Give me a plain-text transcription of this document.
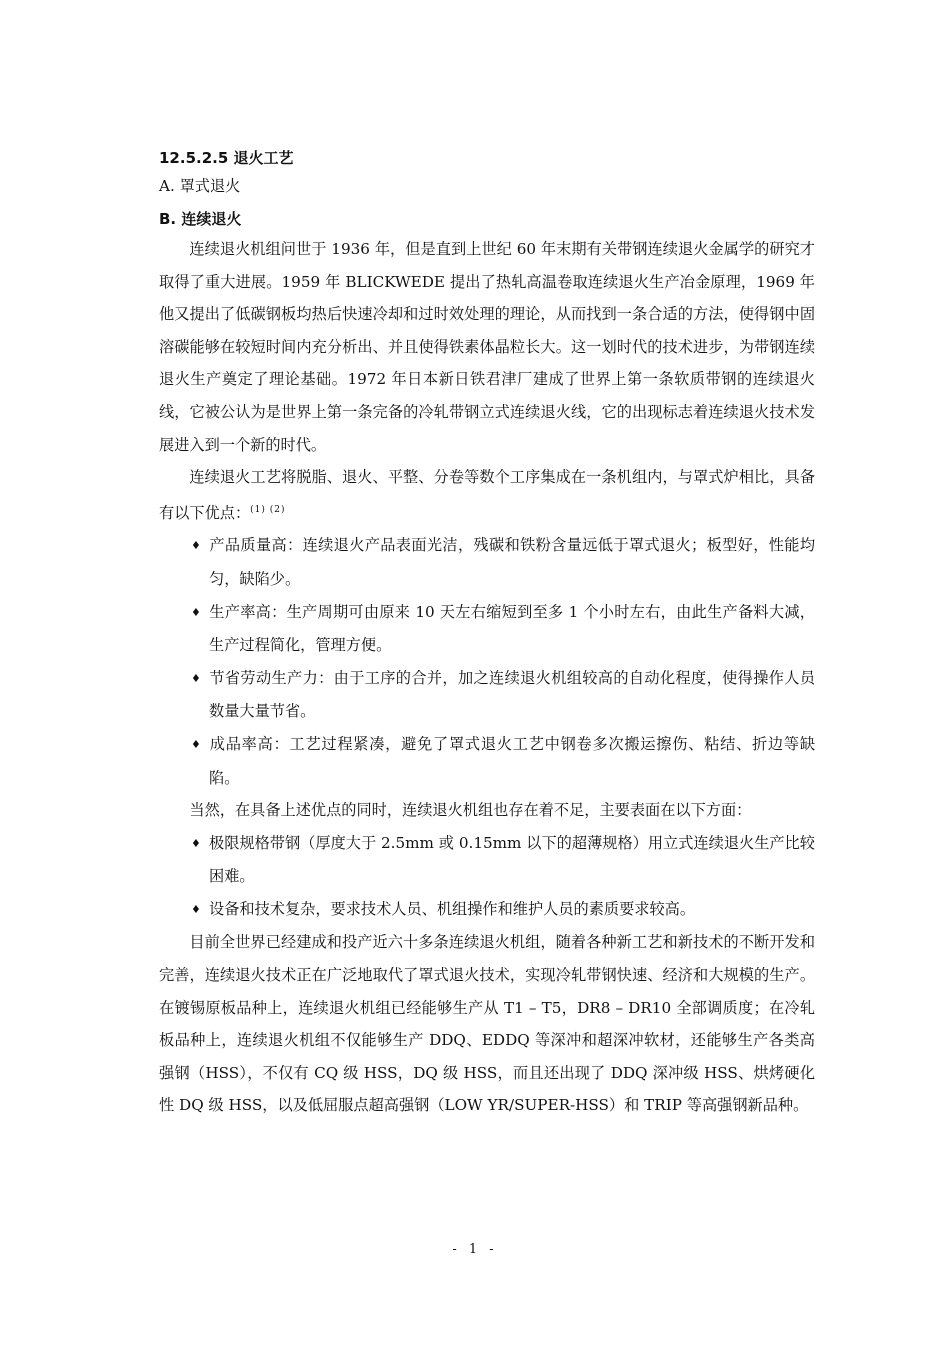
12.5.2.5 退火工艺

A. 罩式退火

B. 连续退火

连续退火机组问世于 1936 年，但是直到上世纪 60 年末期有关带钢连续退火金属学的研究才取得了重大进展。1959 年 BLICKWEDE 提出了热轧高温卷取连续退火生产冶金原理，1969 年他又提出了低碳钢板均热后快速冷却和过时效处理的理论，从而找到一条合适的方法，使得钢中固溶碳能够在较短时间内充分析出、并且使得铁素体晶粒长大。这一划时代的技术进步，为带钢连续退火生产奠定了理论基础。1972 年日本新日铁君津厂建成了世界上第一条软质带钢的连续退火线，它被公认为是世界上第一条完备的冷轧带钢立式连续退火线，它的出现标志着连续退火技术发展进入到一个新的时代。

连续退火工艺将脱脂、退火、平整、分卷等数个工序集成在一条机组内，与罩式炉相比，具备有以下优点：$^{(1) (2)}$

♦ 产品质量高：连续退火产品表面光洁，残碳和铁粉含量远低于罩式退火；板型好，性能均匀，缺陷少。

♦ 生产率高：生产周期可由原来 10 天左右缩短到至多 1 个小时左右，由此生产备料大减，生产过程简化，管理方便。

♦ 节省劳动生产力：由于工序的合并，加之连续退火机组较高的自动化程度，使得操作人员数量大量节省。

♦ 成品率高：工艺过程紧凑，避免了罩式退火工艺中钢卷多次搬运擦伤、粘结、折边等缺陷。

当然，在具备上述优点的同时，连续退火机组也存在着不足，主要表面在以下方面：

♦ 极限规格带钢（厚度大于 2.5mm 或 0.15mm 以下的超薄规格）用立式连续退火生产比较困难。

♦ 设备和技术复杂，要求技术人员、机组操作和维护人员的素质要求较高。

目前全世界已经建成和投产近六十多条连续退火机组，随着各种新工艺和新技术的不断开发和完善，连续退火技术正在广泛地取代了罩式退火技术，实现冷轧带钢快速、经济和大规模的生产。在镀锡原板品种上，连续退火机组已经能够生产从 T1 – T5，DR8 – DR10 全部调质度；在冷轧板品种上，连续退火机组不仅能够生产 DDQ、EDDQ 等深冲和超深冲软材，还能够生产各类高强钢（HSS），不仅有 CQ 级 HSS，DQ 级 HSS，而且还出现了 DDQ 深冲级 HSS、烘烤硬化性 DQ 级 HSS，以及低屈服点超高强钢（LOW YR/SUPER-HSS）和 TRIP 等高强钢新品种。

- 1 -
